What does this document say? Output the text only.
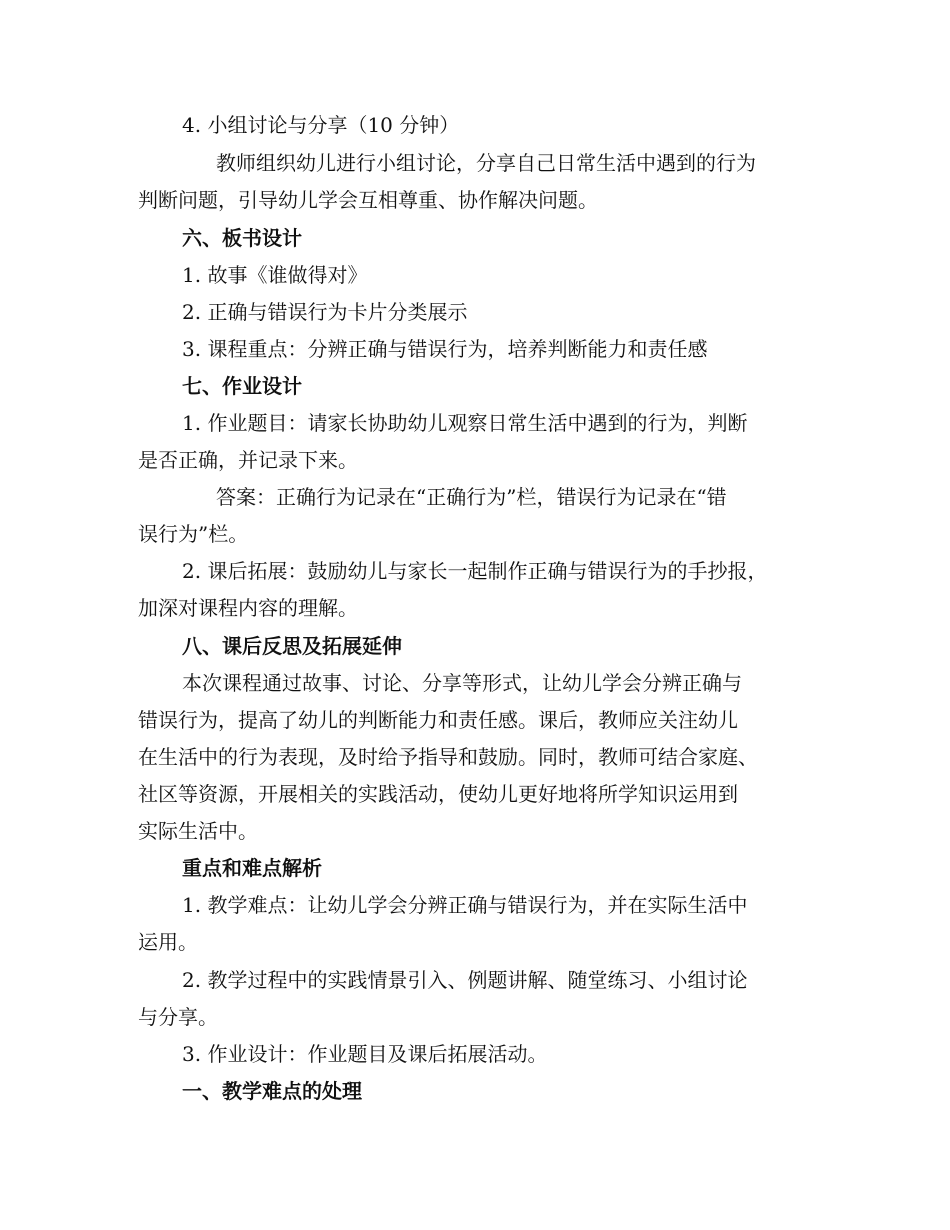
4. 小组讨论与分享（10 分钟）
教师组织幼儿进行小组讨论，分享自己日常生活中遇到的行为
判断问题，引导幼儿学会互相尊重、协作解决问题。
六、板书设计
1. 故事《谁做得对》
2. 正确与错误行为卡片分类展示
3. 课程重点：分辨正确与错误行为，培养判断能力和责任感
七、作业设计
1. 作业题目：请家长协助幼儿观察日常生活中遇到的行为，判断
是否正确，并记录下来。
答案：正确行为记录在“正确行为”栏，错误行为记录在“错
误行为”栏。
2. 课后拓展：鼓励幼儿与家长一起制作正确与错误行为的手抄报，
加深对课程内容的理解。
八、课后反思及拓展延伸
本次课程通过故事、讨论、分享等形式，让幼儿学会分辨正确与
错误行为，提高了幼儿的判断能力和责任感。课后，教师应关注幼儿
在生活中的行为表现，及时给予指导和鼓励。同时，教师可结合家庭、
社区等资源，开展相关的实践活动，使幼儿更好地将所学知识运用到
实际生活中。
重点和难点解析
1. 教学难点：让幼儿学会分辨正确与错误行为，并在实际生活中
运用。
2. 教学过程中的实践情景引入、例题讲解、随堂练习、小组讨论
与分享。
3. 作业设计：作业题目及课后拓展活动。
一、教学难点的处理
